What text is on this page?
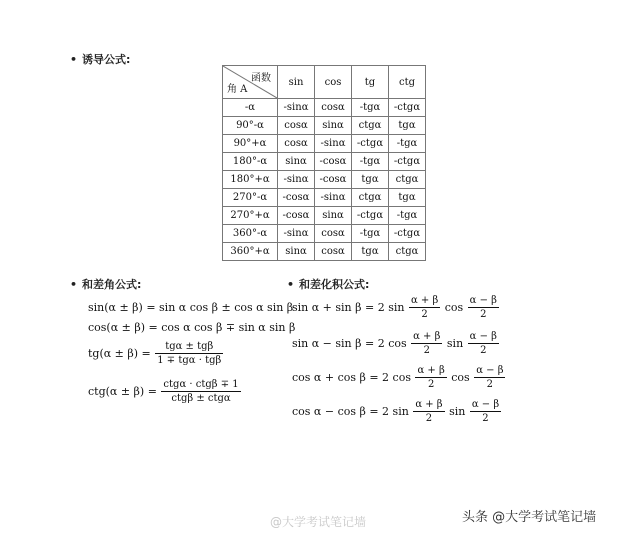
• 诱导公式:
函数
角 A	sin	cos	tg	ctg
-α	-sinα	cosα	-tgα	-ctgα
90°-α	cosα	sinα	ctgα	tgα
90°+α	cosα	-sinα	-ctgα	-tgα
180°-α	sinα	-cosα	-tgα	-ctgα
180°+α	-sinα	-cosα	tgα	ctgα
270°-α	-cosα	-sinα	ctgα	tgα
270°+α	-cosα	sinα	-ctgα	-tgα
360°-α	-sinα	cosα	-tgα	-ctgα
360°+α	sinα	cosα	tgα	ctgα
• 和差角公式:
sin(α ± β) = sin α cos β ± cos α sin β
cos(α ± β) = cos α cos β ∓ sin α sin β
$tg(\alpha \pm \beta) = \frac{\text{tgα ± tgβ}}{\text{1 ∓ tgα · tgβ}}$
$ctg(\alpha \pm \beta) = \frac{\text{ctgα · ctgβ ∓ 1}}{\text{ctgβ ± ctgα}}$
• 和差化积公式:
sin α + sin β = 2 $\sin \frac{\alpha + \beta}{2}$ $\cos \frac{\alpha - \beta}{2}$
sin α − sin β = 2 $\cos \frac{\alpha + \beta}{2}$ $\sin \frac{\alpha - \beta}{2}$
cos α + cos β = 2 $\cos \frac{\alpha + \beta}{2}$ $\cos \frac{\alpha - \beta}{2}$
cos α − cos β = 2 $\sin \frac{\alpha + \beta}{2}$ $\sin \frac{\alpha - \beta}{2}$
@大学考试笔记墙	头条 @大学考试笔记墙
